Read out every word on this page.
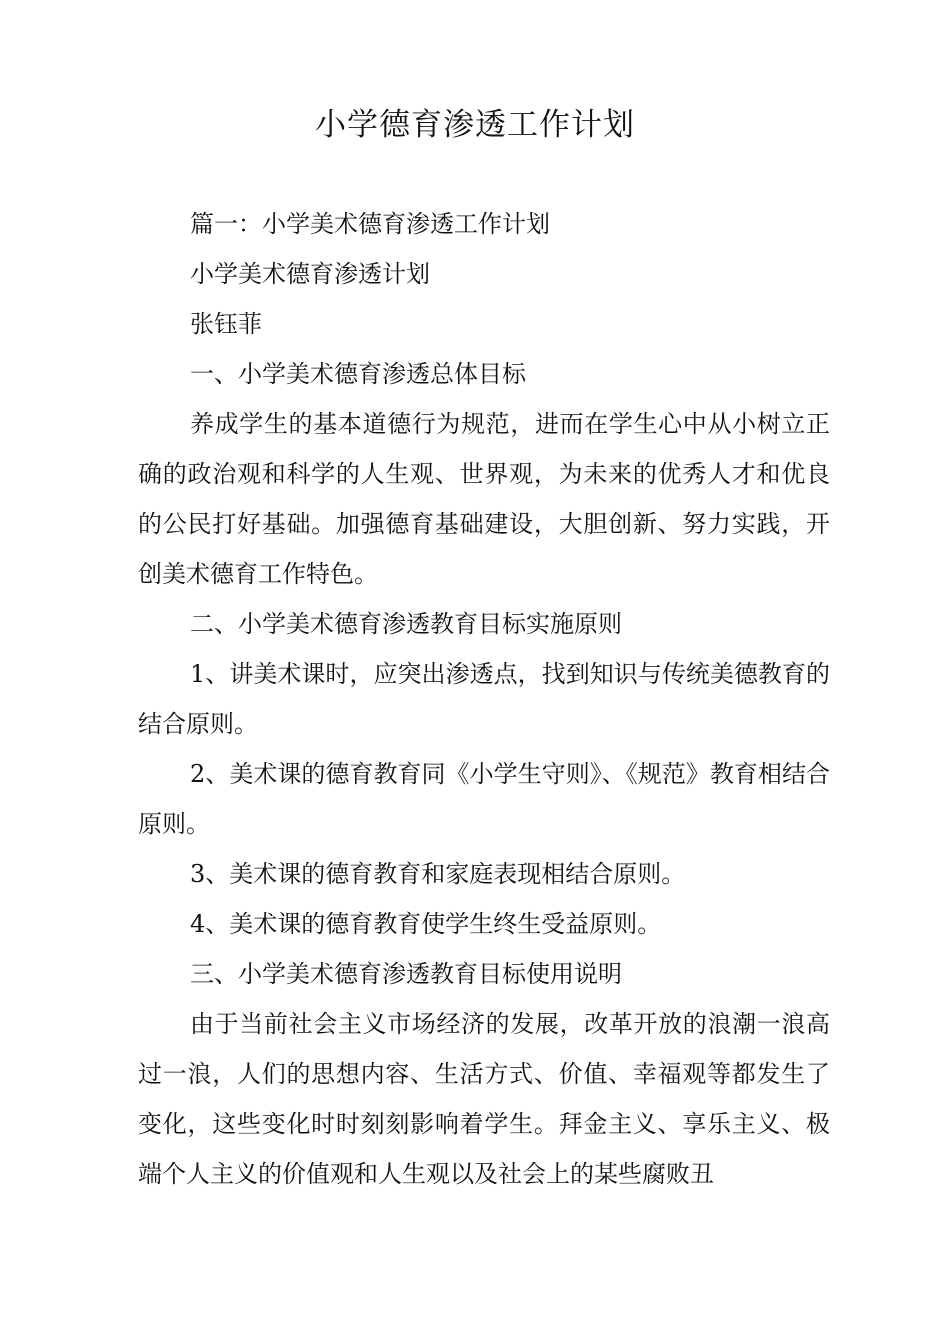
小学德育渗透工作计划

篇一：小学美术德育渗透工作计划

小学美术德育渗透计划

张钰菲

一、小学美术德育渗透总体目标

养成学生的基本道德行为规范，进而在学生心中从小树立正确的政治观和科学的人生观、世界观，为未来的优秀人才和优良的公民打好基础。加强德育基础建设，大胆创新、努力实践，开创美术德育工作特色。

二、小学美术德育渗透教育目标实施原则

1、讲美术课时，应突出渗透点，找到知识与传统美德教育的结合原则。

2、美术课的德育教育同《小学生守则》、《规范》教育相结合原则。

3、美术课的德育教育和家庭表现相结合原则。

4、美术课的德育教育使学生终生受益原则。

三、小学美术德育渗透教育目标使用说明

由于当前社会主义市场经济的发展，改革开放的浪潮一浪高过一浪，人们的思想内容、生活方式、价值、幸福观等都发生了变化，这些变化时时刻刻影响着学生。拜金主义、享乐主义、极端个人主义的价值观和人生观以及社会上的某些腐败丑
